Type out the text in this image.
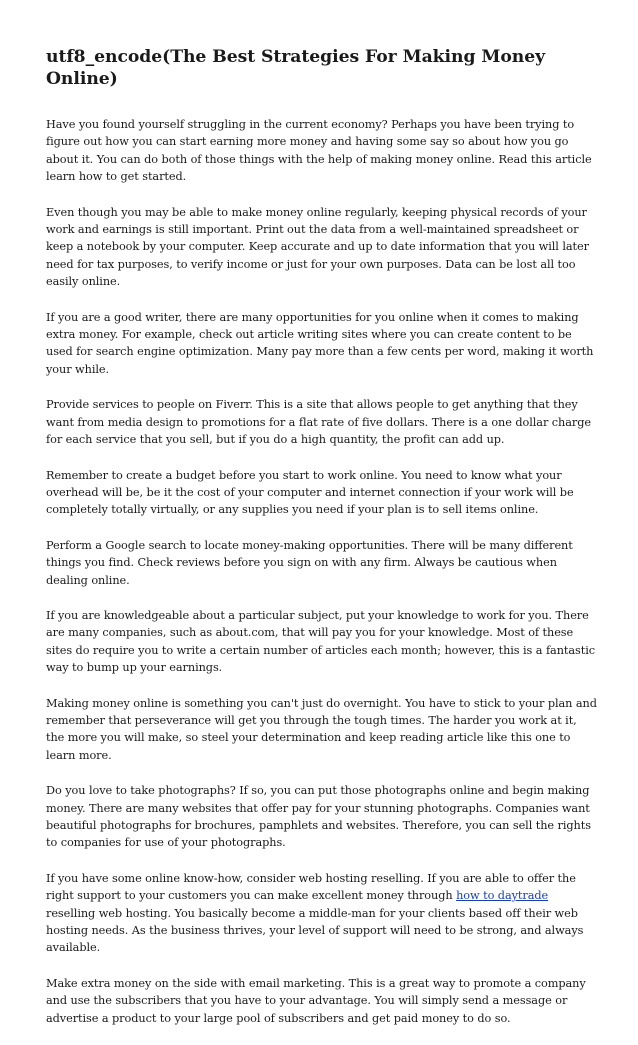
utf8_encode(The Best Strategies For Making Money Online)

Have you found yourself struggling in the current economy? Perhaps you have been trying to figure out how you can start earning more money and having some say so about how you go about it. You can do both of those things with the help of making money online. Read this article learn how to get started.

Even though you may be able to make money online regularly, keeping physical records of your work and earnings is still important. Print out the data from a well-maintained spreadsheet or keep a notebook by your computer. Keep accurate and up to date information that you will later need for tax purposes, to verify income or just for your own purposes. Data can be lost all too easily online.

If you are a good writer, there are many opportunities for you online when it comes to making extra money. For example, check out article writing sites where you can create content to be used for search engine optimization. Many pay more than a few cents per word, making it worth your while.

Provide services to people on Fiverr. This is a site that allows people to get anything that they want from media design to promotions for a flat rate of five dollars. There is a one dollar charge for each service that you sell, but if you do a high quantity, the profit can add up.

Remember to create a budget before you start to work online. You need to know what your overhead will be, be it the cost of your computer and internet connection if your work will be completely totally virtually, or any supplies you need if your plan is to sell items online.

Perform a Google search to locate money-making opportunities. There will be many different things you find. Check reviews before you sign on with any firm. Always be cautious when dealing online.

If you are knowledgeable about a particular subject, put your knowledge to work for you. There are many companies, such as about.com, that will pay you for your knowledge. Most of these sites do require you to write a certain number of articles each month; however, this is a fantastic way to bump up your earnings.

Making money online is something you can't just do overnight. You have to stick to your plan and remember that perseverance will get you through the tough times. The harder you work at it, the more you will make, so steel your determination and keep reading article like this one to learn more.

Do you love to take photographs? If so, you can put those photographs online and begin making money. There are many websites that offer pay for your stunning photographs. Companies want beautiful photographs for brochures, pamphlets and websites. Therefore, you can sell the rights to companies for use of your photographs.

If you have some online know-how, consider web hosting reselling. If you are able to offer the right support to your customers you can make excellent money through how to daytrade reselling web hosting. You basically become a middle-man for your clients based off their web hosting needs. As the business thrives, your level of support will need to be strong, and always available.

Make extra money on the side with email marketing. This is a great way to promote a company and use the subscribers that you have to your advantage. You will simply send a message or advertise a product to your large pool of subscribers and get paid money to do so.
